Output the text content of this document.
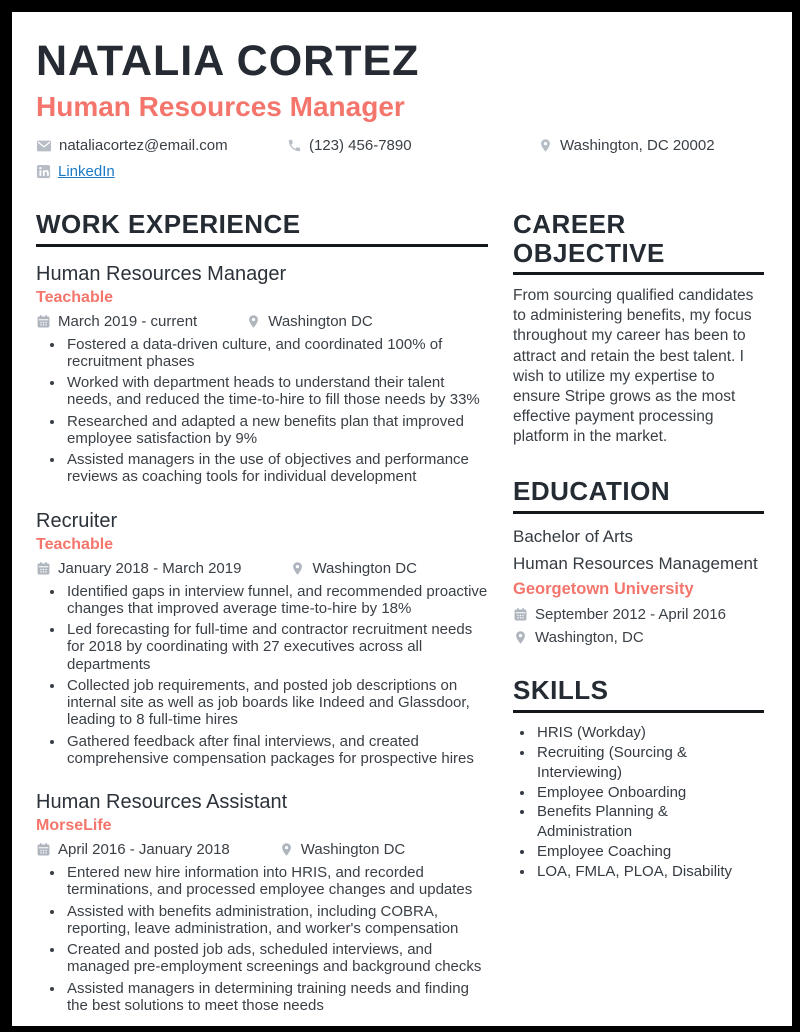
NATALIA CORTEZ
Human Resources Manager
nataliacortez@email.com	(123) 456-7890	Washington, DC 20002
LinkedIn
WORK EXPERIENCE
Human Resources Manager
Teachable
March 2019 - current	Washington DC
• Fostered a data-driven culture, and coordinated 100% of recruitment phases
• Worked with department heads to understand their talent needs, and reduced the time-to-hire to fill those needs by 33%
• Researched and adapted a new benefits plan that improved employee satisfaction by 9%
• Assisted managers in the use of objectives and performance reviews as coaching tools for individual development
Recruiter
Teachable
January 2018 - March 2019	Washington DC
• Identified gaps in interview funnel, and recommended proactive changes that improved average time-to-hire by 18%
• Led forecasting for full-time and contractor recruitment needs for 2018 by coordinating with 27 executives across all departments
• Collected job requirements, and posted job descriptions on internal site as well as job boards like Indeed and Glassdoor, leading to 8 full-time hires
• Gathered feedback after final interviews, and created comprehensive compensation packages for prospective hires
Human Resources Assistant
MorseLife
April 2016 - January 2018	Washington DC
• Entered new hire information into HRIS, and recorded terminations, and processed employee changes and updates
• Assisted with benefits administration, including COBRA, reporting, leave administration, and worker's compensation
• Created and posted job ads, scheduled interviews, and managed pre-employment screenings and background checks
• Assisted managers in determining training needs and finding the best solutions to meet those needs
CAREER OBJECTIVE

From sourcing qualified candidates to administering benefits, my focus throughout my career has been to attract and retain the best talent. I wish to utilize my expertise to ensure Stripe grows as the most effective payment processing platform in the market.

EDUCATION
Bachelor of Arts
Human Resources Management
Georgetown University
September 2012 - April 2016
Washington, DC
SKILLS
• HRIS (Workday)
• Recruiting (Sourcing & Interviewing)
• Employee Onboarding
• Benefits Planning & Administration
• Employee Coaching
• LOA, FMLA, PLOA, Disability
